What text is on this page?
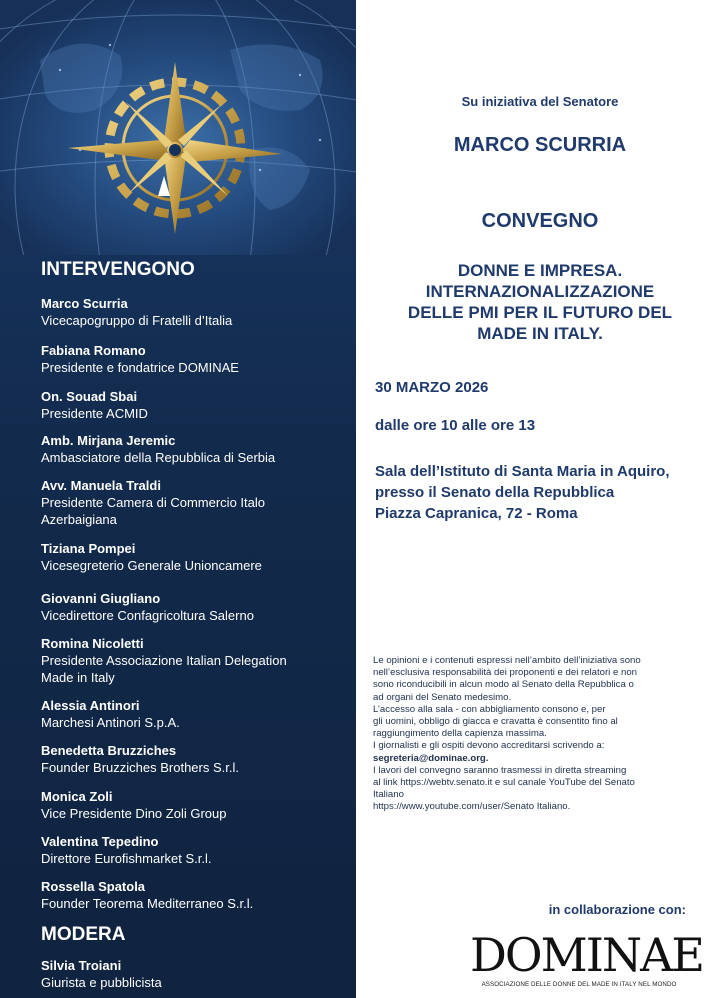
INTERVENGONO
Marco Scurria
Vicecapogruppo di Fratelli d’Italia
Fabiana Romano
Presidente e fondatrice DOMINAE
On. Souad Sbai
Presidente ACMID
Amb. Mirjana Jeremic
Ambasciatore della Repubblica di Serbia
Avv. Manuela Traldi
Presidente Camera di Commercio Italo
Azerbaigiana
Tiziana Pompei
Vicesegreterio Generale Unioncamere
Giovanni Giugliano
Vicedirettore Confagricoltura Salerno
Romina Nicoletti
Presidente Associazione Italian Delegation
Made in Italy
Alessia Antinori
Marchesi Antinori S.p.A.
Benedetta Bruzziches
Founder Bruzziches Brothers S.r.l.
Monica Zoli
Vice Presidente Dino Zoli Group
Valentina Tepedino
Direttore Eurofishmarket S.r.l.
Rossella Spatola
Founder Teorema Mediterraneo S.r.l.
MODERA
Silvia Troiani
Giurista e pubblicista

Su iniziativa del Senatore

MARCO SCURRIA

CONVEGNO

DONNE E IMPRESA.
INTERNAZIONALIZZAZIONE
DELLE PMI PER IL FUTURO DEL
MADE IN ITALY.

30 MARZO 2026

dalle ore 10 alle ore 13

Sala dell’Istituto di Santa Maria in Aquiro,
presso il Senato della Repubblica
Piazza Capranica, 72 - Roma
Le opinioni e i contenuti espressi nell’ambito dell’iniziativa sono
nell’esclusiva responsabilità dei proponenti e dei relatori e non
sono riconducibili in alcun modo al Senato della Repubblica o
ad organi del Senato medesimo.
L’accesso alla sala - con abbigliamento consono e, per
gli uomini, obbligo di giacca e cravatta è consentito fino al
raggiungimento della capienza massima.
I giornalisti e gli ospiti devono accreditarsi scrivendo a:
segreteria@dominae.org.
I lavori del convegno saranno trasmessi in diretta streaming
al link https://webtv.senato.it e sul canale YouTube del Senato
Italiano
https://www.youtube.com/user/Senato Italiano.

in collaborazione con:

DOMINAE
ASSOCIAZIONE DELLE DONNE DEL MADE IN ITALY NEL MONDO
